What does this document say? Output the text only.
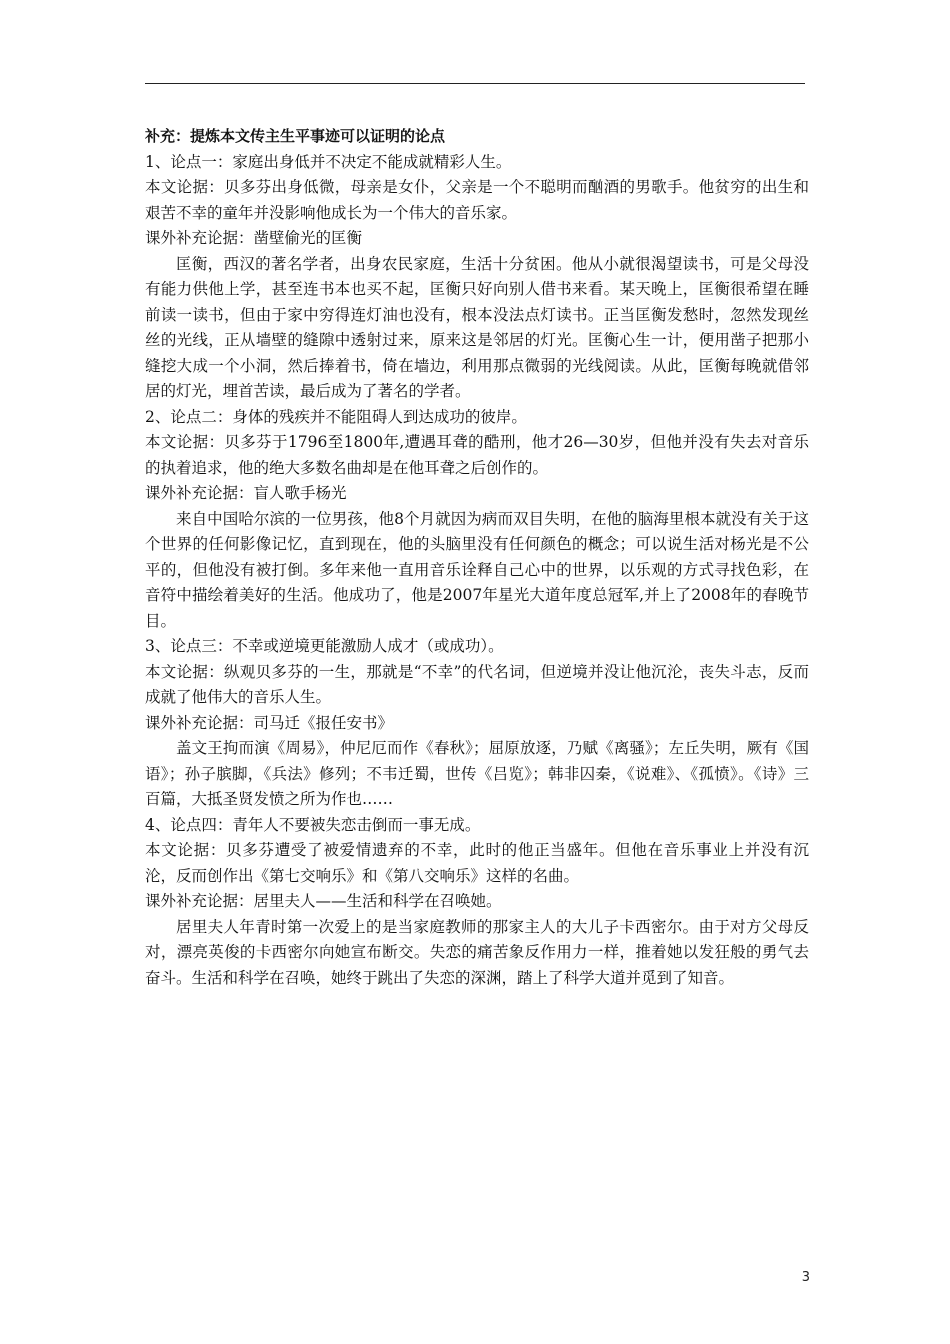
补充：提炼本文传主生平事迹可以证明的论点

1、论点一：家庭出身低并不决定不能成就精彩人生。

本文论据：贝多芬出身低微，母亲是女仆，父亲是一个不聪明而酗酒的男歌手。他贫穷的出生和艰苦不幸的童年并没影响他成长为一个伟大的音乐家。

课外补充论据：凿壁偷光的匡衡

匡衡，西汉的著名学者，出身农民家庭，生活十分贫困。他从小就很渴望读书，可是父母没有能力供他上学，甚至连书本也买不起，匡衡只好向别人借书来看。某天晚上，匡衡很希望在睡前读一读书，但由于家中穷得连灯油也没有，根本没法点灯读书。正当匡衡发愁时，忽然发现丝丝的光线，正从墙壁的缝隙中透射过来，原来这是邻居的灯光。匡衡心生一计，便用凿子把那小缝挖大成一个小洞，然后捧着书，倚在墙边，利用那点微弱的光线阅读。从此，匡衡每晚就借邻居的灯光，埋首苦读，最后成为了著名的学者。

2、论点二：身体的残疾并不能阻碍人到达成功的彼岸。

本文论据：贝多芬于1796至1800年,遭遇耳聋的酷刑，他才26—30岁，但他并没有失去对音乐的执着追求，他的绝大多数名曲却是在他耳聋之后创作的。

课外补充论据：盲人歌手杨光

来自中国哈尔滨的一位男孩，他8个月就因为病而双目失明，在他的脑海里根本就没有关于这个世界的任何影像记忆，直到现在，他的头脑里没有任何颜色的概念；可以说生活对杨光是不公平的，但他没有被打倒。多年来他一直用音乐诠释自己心中的世界，以乐观的方式寻找色彩，在音符中描绘着美好的生活。他成功了，他是2007年星光大道年度总冠军,并上了2008年的春晚节目。

3、论点三：不幸或逆境更能激励人成才（或成功）。

本文论据：纵观贝多芬的一生，那就是“不幸”的代名词，但逆境并没让他沉沦，丧失斗志，反而成就了他伟大的音乐人生。

课外补充论据：司马迁《报任安书》

盖文王拘而演《周易》，仲尼厄而作《春秋》；屈原放逐，乃赋《离骚》；左丘失明，厥有《国语》；孙子膑脚，《兵法》修列；不韦迁蜀，世传《吕览》；韩非囚秦，《说难》、《孤愤》。《诗》三百篇，大抵圣贤发愤之所为作也……

4、论点四：青年人不要被失恋击倒而一事无成。

本文论据：贝多芬遭受了被爱情遗弃的不幸，此时的他正当盛年。但他在音乐事业上并没有沉沦，反而创作出《第七交响乐》和《第八交响乐》这样的名曲。

课外补充论据：居里夫人——生活和科学在召唤她。

居里夫人年青时第一次爱上的是当家庭教师的那家主人的大儿子卡西密尔。由于对方父母反对，漂亮英俊的卡西密尔向她宣布断交。失恋的痛苦象反作用力一样，推着她以发狂般的勇气去奋斗。生活和科学在召唤，她终于跳出了失恋的深渊，踏上了科学大道并觅到了知音。

3
